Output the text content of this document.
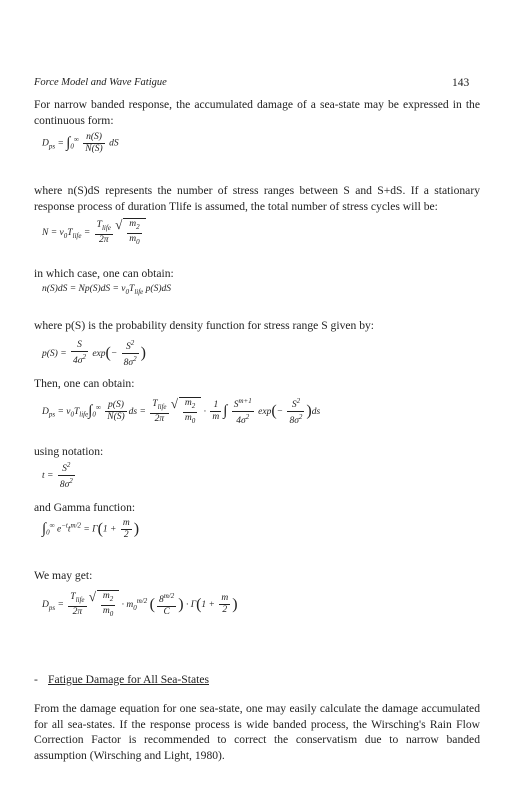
Force Model and Wave Fatigue	143
For narrow banded response, the accumulated damage of a sea-state may be expressed in the continuous form:
$D_{ps} = \int_0^\infty \frac{n(S)}{N(S)}$ dS
where n(S)dS represents the number of stress ranges between S and S+dS. If a stationary response process of duration Tlife is assumed, the total number of stress cycles will be:
$N = v_0T_{life} = \frac{T_{life}}{2\pi}$
√ $\frac{m_2}{m_0}$
in which case, one can obtain:
$n(S)dS = Np(S)dS = v_0T_{life}$ p(S)dS
where p(S) is the probability density function for stress range S given by:
$p(S) = \frac{S}{4\sigma^2} \exp(- \frac{S^2}{8\sigma^2}$ )
Then, one can obtain:
$D_{ps} = v_0T_{life}\int_0^\infty \frac{p(S)}{N(S)}$ ds = $\frac{T_{life}}{2\pi}$
√ $\frac{m_2}{m_0} \cdot \frac{1}{m}$ ∫ $\frac{S^{m+1}}{4\sigma^2} \exp(- \frac{S^2}{8\sigma^2} )ds$
using notation:
$t = \frac{S^2}{8\sigma^2}$
and Gamma function:
$\int_0^\infty$ $e^{-t}t^{m/2} = \Gamma(1 + \frac{m}{2}$ )
We may get:
$D_{ps} = \frac{T_{life}}{2\pi}$
√ $\frac{m_2}{m_0} \cdot m_0^{m/2}$ ( $\frac{8^{m/2}}{C}$ ) · $\Gamma(1 + \frac{m}{2}$ )
- Fatigue Damage for All Sea-States
From the damage equation for one sea-state, one may easily calculate the damage accumulated for all sea-states. If the response process is wide banded process, the Wirsching's Rain Flow Correction Factor is recommended to correct the conservatism due to narrow banded assumption (Wirsching and Light, 1980).
